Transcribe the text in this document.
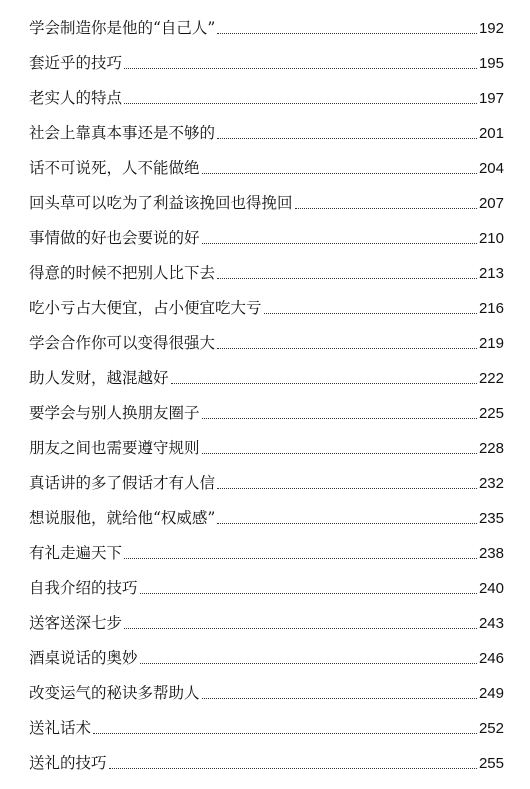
学会制造你是他的“自己人”	192
套近乎的技巧	195
老实人的特点	197
社会上靠真本事还是不够的	201
话不可说死，人不能做绝	204
回头草可以吃为了利益该挽回也得挽回	207
事情做的好也会要说的好	210
得意的时候不把别人比下去	213
吃小亏占大便宜，占小便宜吃大亏	216
学会合作你可以变得很强大	219
助人发财，越混越好	222
要学会与别人换朋友圈子	225
朋友之间也需要遵守规则	228
真话讲的多了假话才有人信	232
想说服他，就给他“权威感”	235
有礼走遍天下	238
自我介绍的技巧	240
送客送深七步	243
酒桌说话的奥妙	246
改变运气的秘诀多帮助人	249
送礼话术	252
送礼的技巧	255
